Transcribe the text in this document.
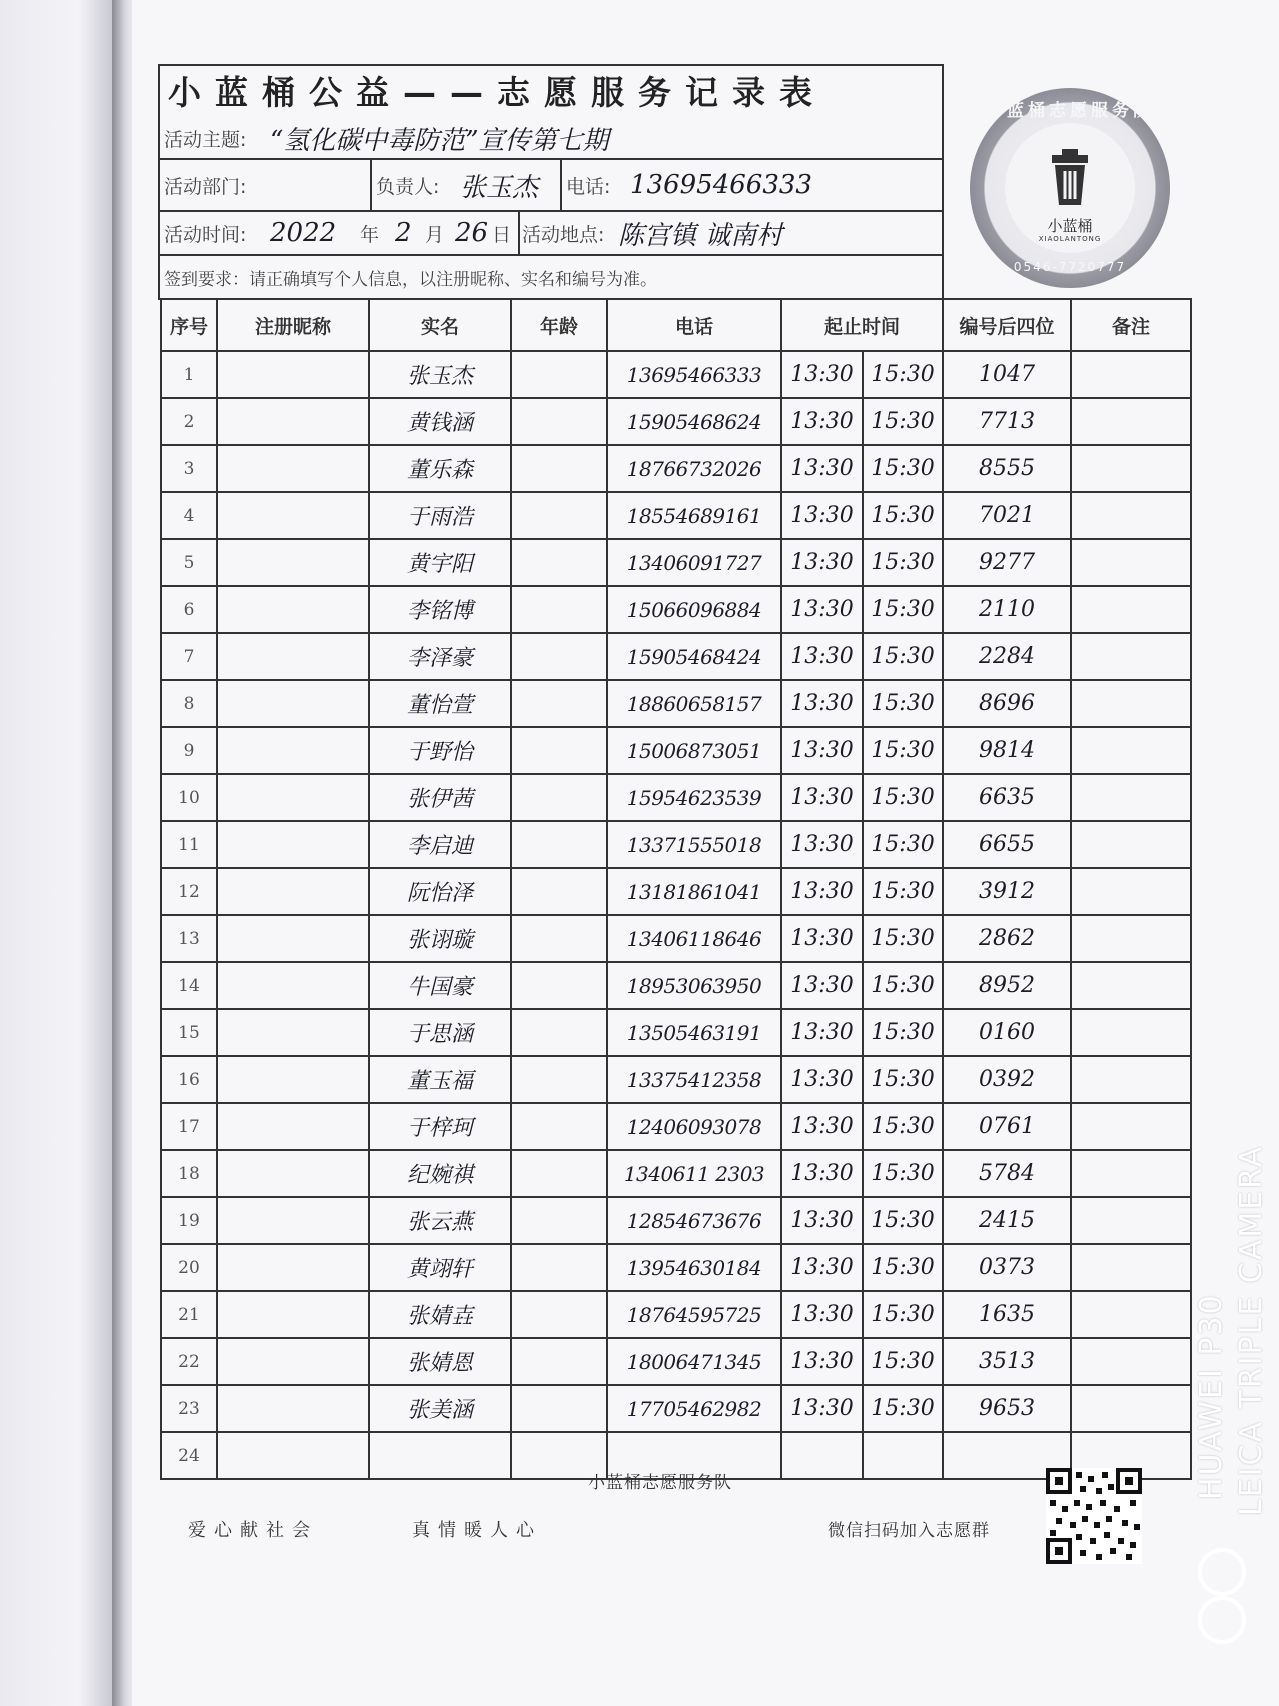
小蓝桶公益——志愿服务记录表
活动主题: “氢化碳中毒防范”宣传第七期
活动部门:	负责人: 张玉杰 电话: 13695466333
活动时间: 2022 年 2 月 26 日 活动地点: 陈宫镇 诚南村
签到要求：请正确填写个人信息，以注册昵称、实名和编号为准。
小蓝桶志愿服务队
小蓝桶
XIAOLANTONG
0546-7720777
序号	注册昵称	实名	年龄	电话	起止时间		编号后四位	备注
1		张玉杰		13695466333	13:30	15:30	1047	
2		黄钱涵		15905468624	13:30	15:30	7713	
3		董乐森		18766732026	13:30	15:30	8555	
4		于雨浩		18554689161	13:30	15:30	7021	
5		黄宇阳		13406091727	13:30	15:30	9277	
6		李铭博		15066096884	13:30	15:30	2110	
7		李泽豪		15905468424	13:30	15:30	2284	
8		董怡萱		18860658157	13:30	15:30	8696	
9		于野怡		15006873051	13:30	15:30	9814	
10		张伊茜		15954623539	13:30	15:30	6635	
11		李启迪		13371555018	13:30	15:30	6655	
12		阮怡泽		13181861041	13:30	15:30	3912	
13		张诩璇		13406118646	13:30	15:30	2862	
14		牛国豪		18953063950	13:30	15:30	8952	
15		于思涵		13505463191	13:30	15:30	0160	
16		董玉福		13375412358	13:30	15:30	0392	
17		于梓珂		12406093078	13:30	15:30	0761	
18		纪婉祺		1340611 2303	13:30	15:30	5784	
19		张云燕		12854673676	13:30	15:30	2415	
20		黄翊轩		13954630184	13:30	15:30	0373	
21		张婧壵		18764595725	13:30	15:30	1635	
22		张婧恩		18006471345	13:30	15:30	3513	
23		张美涵		17705462982	13:30	15:30	9653	
24								
小蓝桶志愿服务队
爱心献社会	真情暖人心	微信扫码加入志愿群
HUAWEI P30 LEICA TRIPLE CAMERA
